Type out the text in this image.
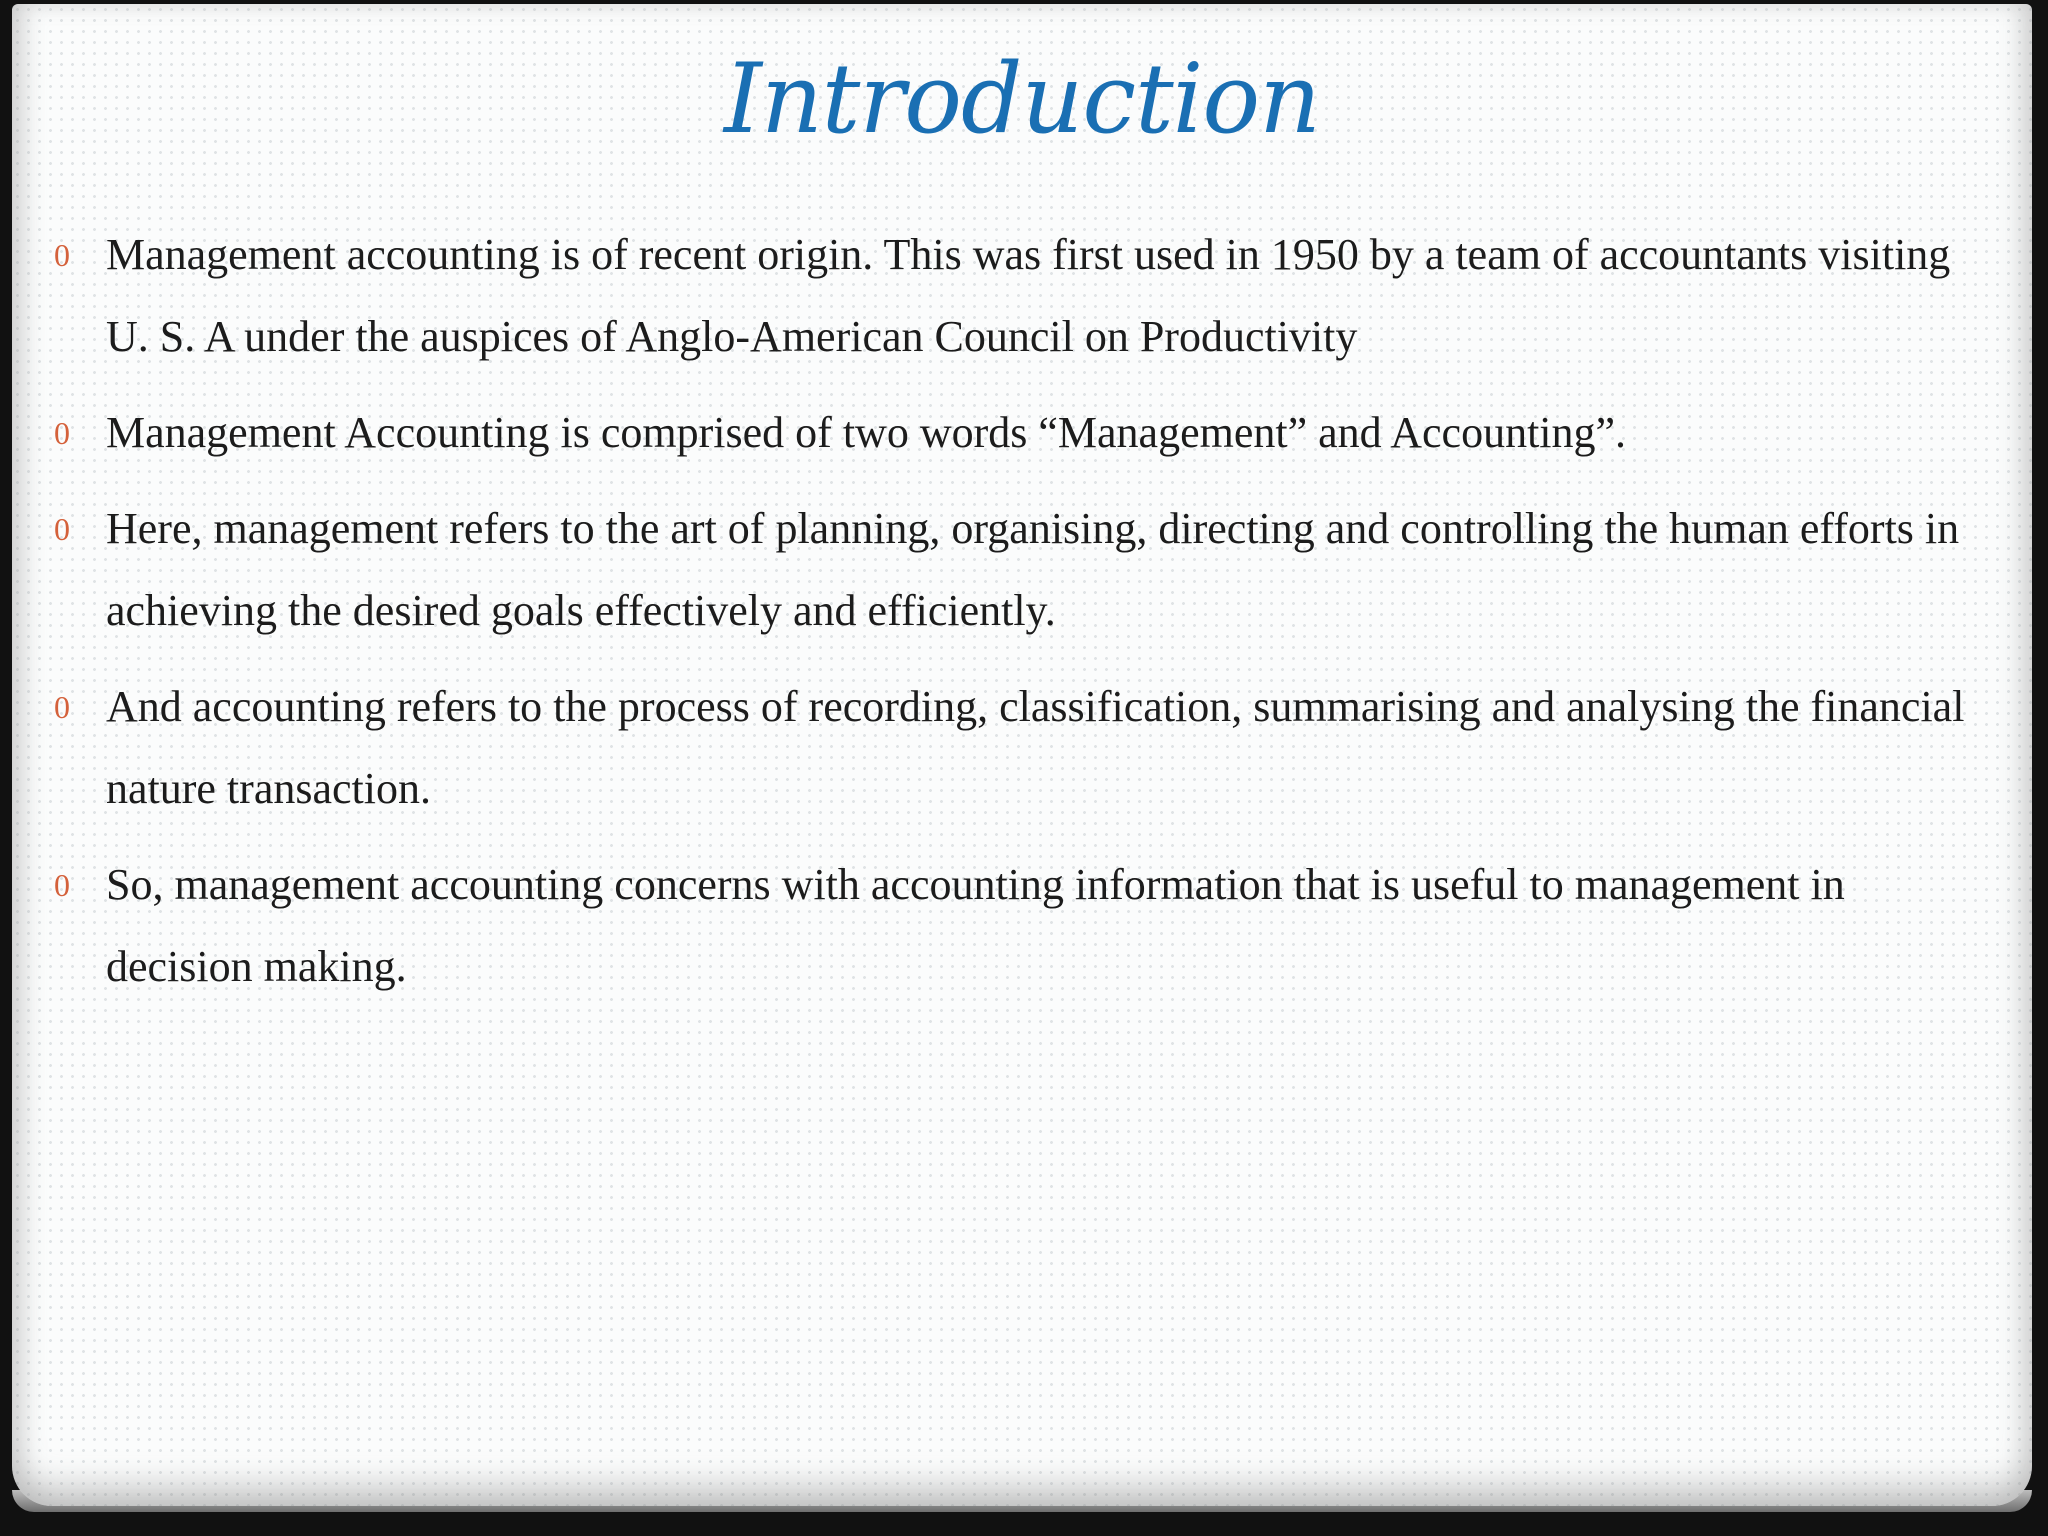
Introduction
0 Management accounting is of recent origin. This was first used in 1950 by a team of accountants visiting U. S. A under the auspices of Anglo-American Council on Productivity
0 Management Accounting is comprised of two words “Management” and Accounting”.
0 Here, management refers to the art of planning, organising, directing and controlling the human efforts in achieving the desired goals effectively and efficiently.
0 And accounting refers to the process of recording, classification, summarising and analysing the financial nature transaction.
0 So, management accounting concerns with accounting information that is useful to management in decision making.
